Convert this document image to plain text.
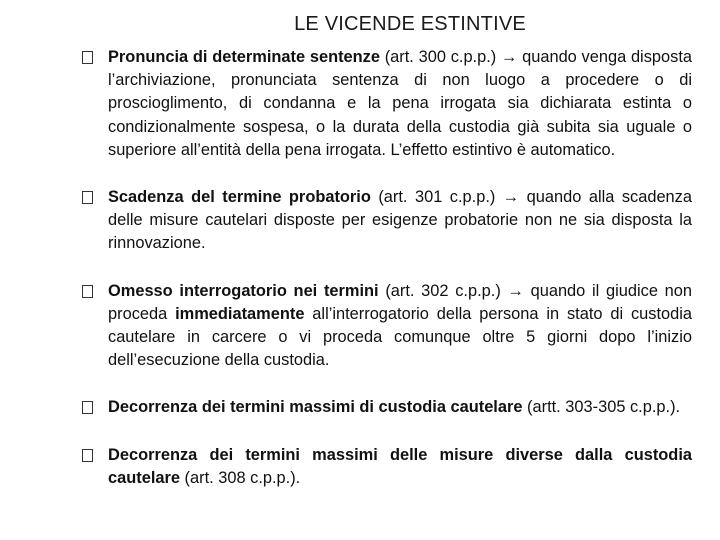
LE VICENDE ESTINTIVE
Pronuncia di determinate sentenze (art. 300 c.p.p.) → quando venga disposta l’archiviazione, pronunciata sentenza di non luogo a procedere o di proscioglimento, di condanna e la pena irrogata sia dichiarata estinta o condizionalmente sospesa, o la durata della custodia già subita sia uguale o superiore all’entità della pena irrogata. L’effetto estintivo è automatico.
Scadenza del termine probatorio (art. 301 c.p.p.) → quando alla scadenza delle misure cautelari disposte per esigenze probatorie non ne sia disposta la rinnovazione.
Omesso interrogatorio nei termini (art. 302 c.p.p.) → quando il giudice non proceda immediatamente all’interrogatorio della persona in stato di custodia cautelare in carcere o vi proceda comunque oltre 5 giorni dopo l’inizio dell’esecuzione della custodia.
Decorrenza dei termini massimi di custodia cautelare (artt. 303-305 c.p.p.).
Decorrenza dei termini massimi delle misure diverse dalla custodia cautelare (art. 308 c.p.p.).
